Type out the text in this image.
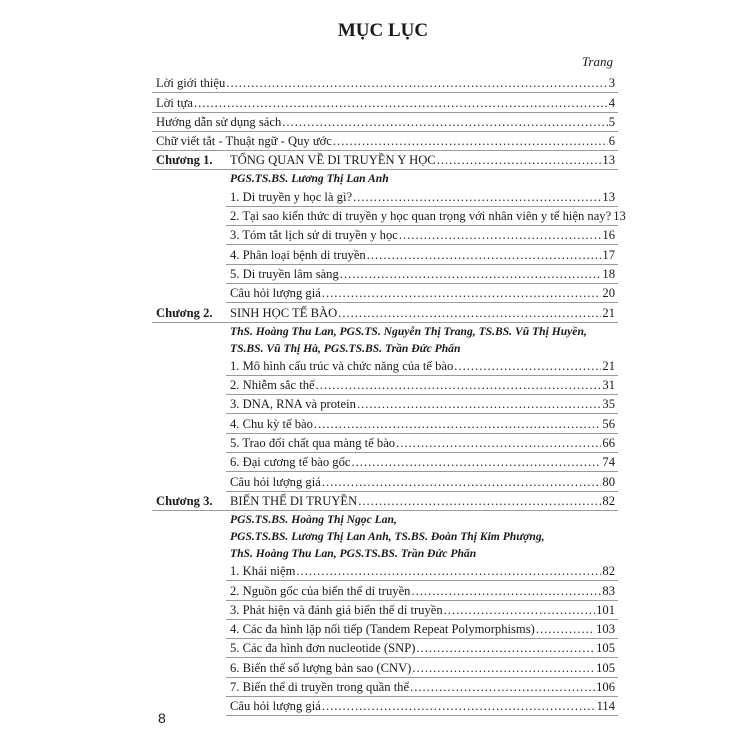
MỤC LỤC
Trang
Lời giới thiệu .....	3
Lời tựa .....	4
Hướng dẫn sử dụng sách .....	5
Chữ viết tắt - Thuật ngữ - Quy ước .....	6
Chương 1.	TỔNG QUAN VỀ DI TRUYỀN Y HỌC .....	13
PGS.TS.BS. Lương Thị Lan Anh
1. Di truyền y học là gì? .....	13
2. Tại sao kiến thức di truyền y học quan trọng với nhân viên y tế hiện nay? 13
3. Tóm tắt lịch sử di truyền y học .....	16
4. Phân loại bệnh di truyền .....	17
5. Di truyền lâm sàng .....	18
Câu hỏi lượng giá .....	20
Chương 2.	SINH HỌC TẾ BÀO .....	21
ThS. Hoàng Thu Lan, PGS.TS. Nguyễn Thị Trang, TS.BS. Vũ Thị Huyền,
TS.BS. Vũ Thị Hà, PGS.TS.BS. Trần Đức Phấn
1. Mô hình cấu trúc và chức năng của tế bào .....	21
2. Nhiễm sắc thể .....	31
3. DNA, RNA và protein .....	35
4. Chu kỳ tế bào .....	56
5. Trao đổi chất qua màng tế bào .....	66
6. Đại cương tế bào gốc .....	74
Câu hỏi lượng giá .....	80
Chương 3.	BIẾN THỂ DI TRUYỀN .....	82
PGS.TS.BS. Hoàng Thị Ngọc Lan,
PGS.TS.BS. Lương Thị Lan Anh, TS.BS. Đoàn Thị Kim Phượng,
ThS. Hoàng Thu Lan, PGS.TS.BS. Trần Đức Phấn
1. Khái niệm .....	82
2. Nguồn gốc của biến thể di truyền .....	83
3. Phát hiện và đánh giá biến thể di truyền .....	101
4. Các đa hình lặp nối tiếp (Tandem Repeat Polymorphisms) .....	103
5. Các đa hình đơn nucleotide (SNP) .....	105
6. Biến thể số lượng bản sao (CNV) .....	105
7. Biến thể di truyền trong quần thể .....	106
Câu hỏi lượng giá .....	114
8
